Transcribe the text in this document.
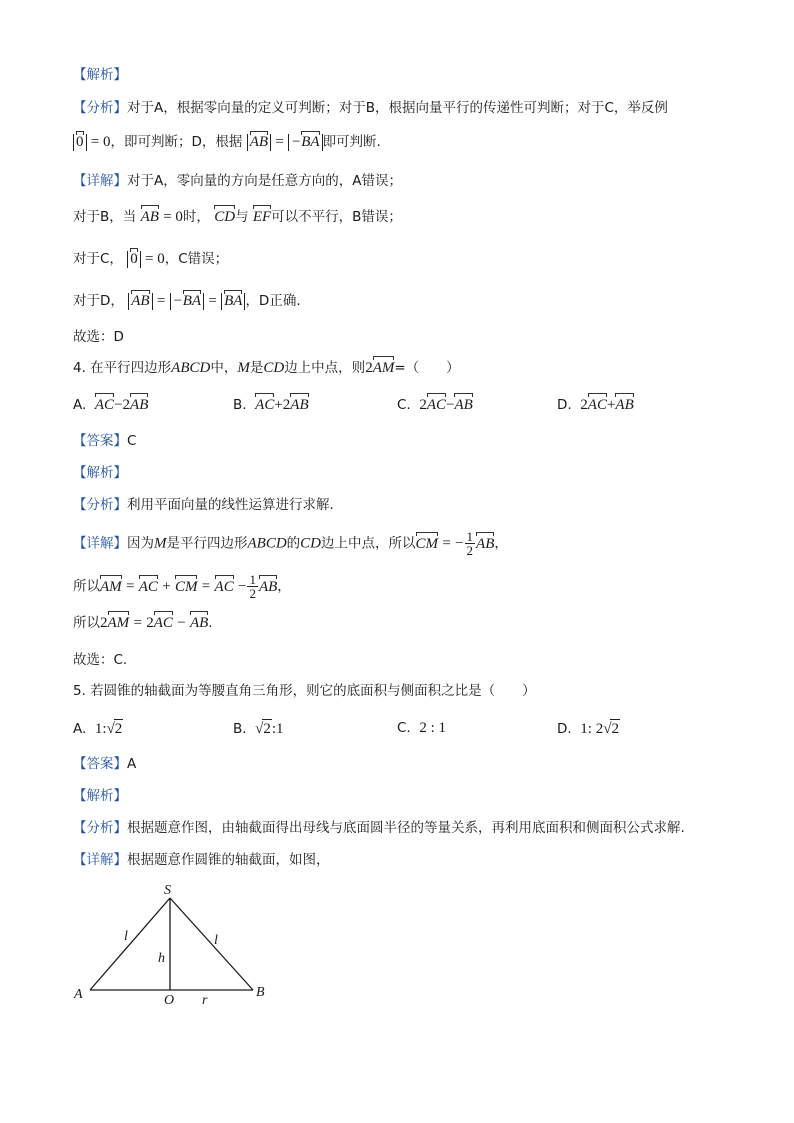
【解析】
【分析】对于A，根据零向量的定义可判断；对于B，根据向量平行的传递性可判断；对于C，举反例
0 = 0，即可判断；D，根据 AB = −BA 即可判断.
【详解】对于A，零向量的方向是任意方向的，A错误；
对于B，当 AB = 0时， CD与 EF可以不平行，B错误；
对于C， 0 = 0，C错误；
对于D， AB = −BA = BA ，D正确.
故选：D
4. 在平行四边形ABCD中，M是CD边上中点，则2AM=（　　）
A. AC−2AB	B. AC+2AB	C. 2AC−AB	D. 2AC+AB
【答案】C
【解析】
【分析】利用平面向量的线性运算进行求解.
【详解】因为M是平行四边形ABCD的CD边上中点，所以CM = − $\frac{1}{2}$ AB，
所以AM = AC + CM = AC − $\frac{1}{2}$ AB，
所以2AM = 2AC − AB.
故选：C.
5. 若圆锥的轴截面为等腰直角三角形，则它的底面积与侧面积之比是（　　）
A. 1:√2	B. √2:1	C. 2 : 1	D. 1: 2√2
【答案】A
【解析】
【分析】根据题意作图，由轴截面得出母线与底面圆半径的等量关系，再利用底面积和侧面积公式求解.
【详解】根据题意作圆锥的轴截面，如图，
S
A	B
O
l	l
h
r
